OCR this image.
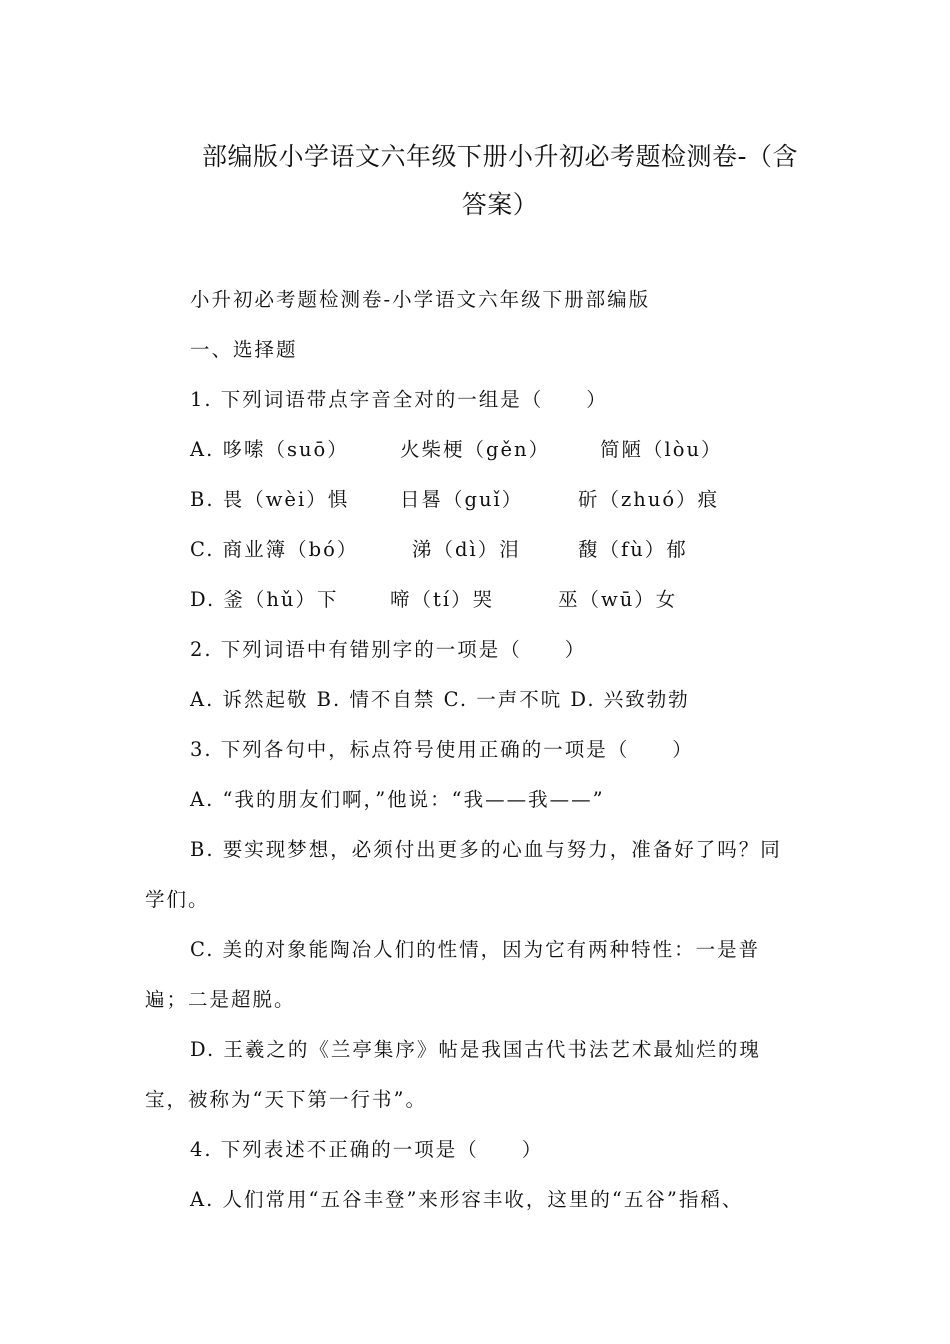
部编版小学语文六年级下册小升初必考题检测卷-（含
答案）
小升初必考题检测卷-小学语文六年级下册部编版
一、选择题
1. 下列词语带点字音全对的一组是（　　）
A. 哆嗦（suō）	火柴梗（gěn）	简陋（lòu）
B. 畏（wèi）惧	日晷（guǐ）	斫（zhuó）痕
C. 商业簿（bó）	涕（dì）泪	馥（fù）郁
D. 釜（hǔ）下	啼（tí）哭	巫（wū）女
2. 下列词语中有错别字的一项是（　　）
A. 诉然起敬 B. 情不自禁 C. 一声不吭 D. 兴致勃勃
3. 下列各句中，标点符号使用正确的一项是（　　）
A. “我的朋友们啊，”他说：“我——我——”
B. 要实现梦想，必须付出更多的心血与努力，准备好了吗？同
学们。
C. 美的对象能陶冶人们的性情，因为它有两种特性：一是普
遍；二是超脱。
D. 王羲之的《兰亭集序》帖是我国古代书法艺术最灿烂的瑰
宝，被称为“天下第一行书”。
4. 下列表述不正确的一项是（　　）
A. 人们常用“五谷丰登”来形容丰收，这里的“五谷”指稻、
